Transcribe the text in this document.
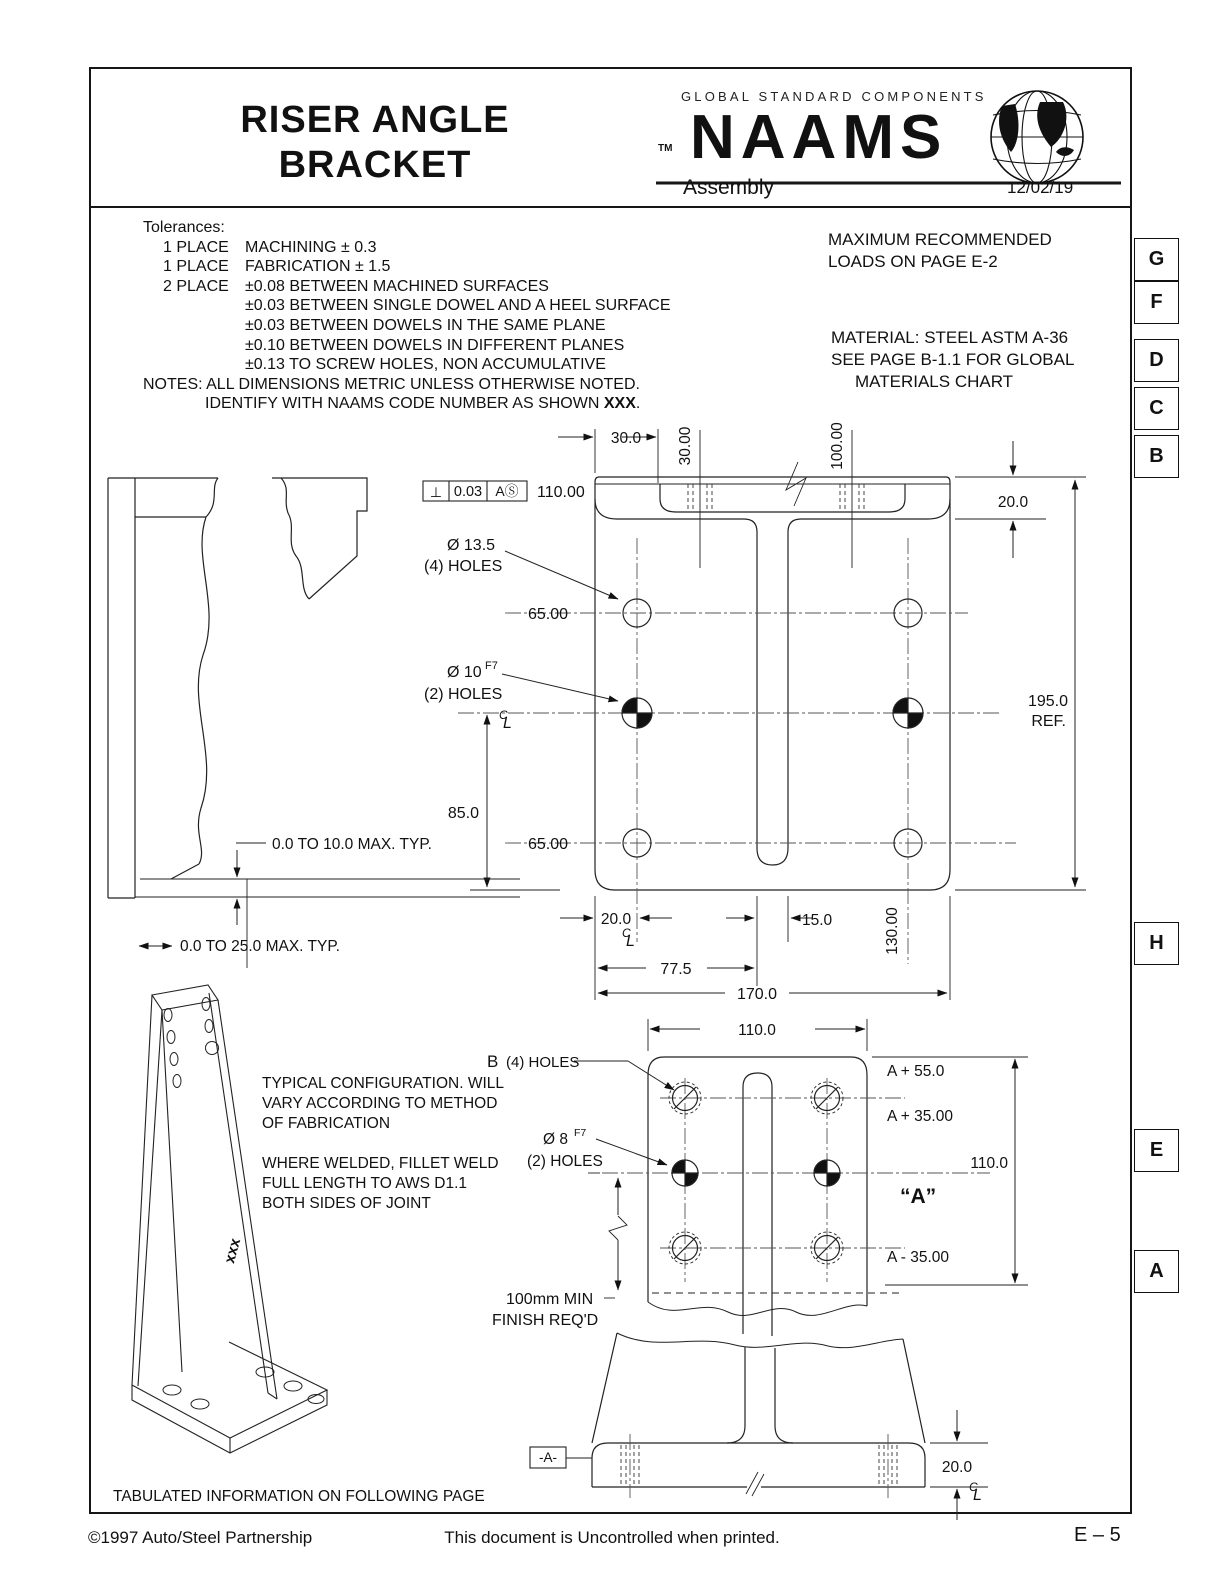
⊥ 0.03 AⓈ
30.0 30.00	100.00
110.00
20.0
Ø 13.5
(4) HOLES
65.00
Ø 10 F7
(2) HOLES
C
L
195.0
REF.
85.0
65.00
20.0	15.0	130.00
C
L
77.5
170.0
0.0 TO 10.0 MAX. TYP.
0.0 TO 25.0 MAX. TYP.
xxx
110.0
B (4) HOLES
Ø 8 F7
(2) HOLES
A + 55.0
A + 35.00
110.0
“A”
A - 35.00
100mm MIN
FINISH REQ'D
-A-
20.0
C
L
RISER ANGLE
BRACKET
GLOBAL STANDARD COMPONENTS
TM NAAMS
Assembly	12/02/19
Tolerances:
1 PLACE	MACHINING ± 0.3
1 PLACE	FABRICATION ± 1.5
2 PLACE	±0.08 BETWEEN MACHINED SURFACES
±0.03 BETWEEN SINGLE DOWEL AND A HEEL SURFACE
±0.03 BETWEEN DOWELS IN THE SAME PLANE
±0.10 BETWEEN DOWELS IN DIFFERENT PLANES
±0.13 TO SCREW HOLES, NON ACCUMULATIVE
NOTES: ALL DIMENSIONS METRIC UNLESS OTHERWISE NOTED.
IDENTIFY WITH NAAMS CODE NUMBER AS SHOWN XXX.
MAXIMUM RECOMMENDED
LOADS ON PAGE E-2
MATERIAL: STEEL ASTM A-36
SEE PAGE B-1.1 FOR GLOBAL
MATERIALS CHART
G
F
D
C
B
H
E
A
TYPICAL CONFIGURATION. WILL
VARY ACCORDING TO METHOD
OF FABRICATION
WHERE WELDED, FILLET WELD
FULL LENGTH TO AWS D1.1
BOTH SIDES OF JOINT
TABULATED INFORMATION ON FOLLOWING PAGE
©1997 Auto/Steel Partnership	This document is Uncontrolled when printed.	E – 5
